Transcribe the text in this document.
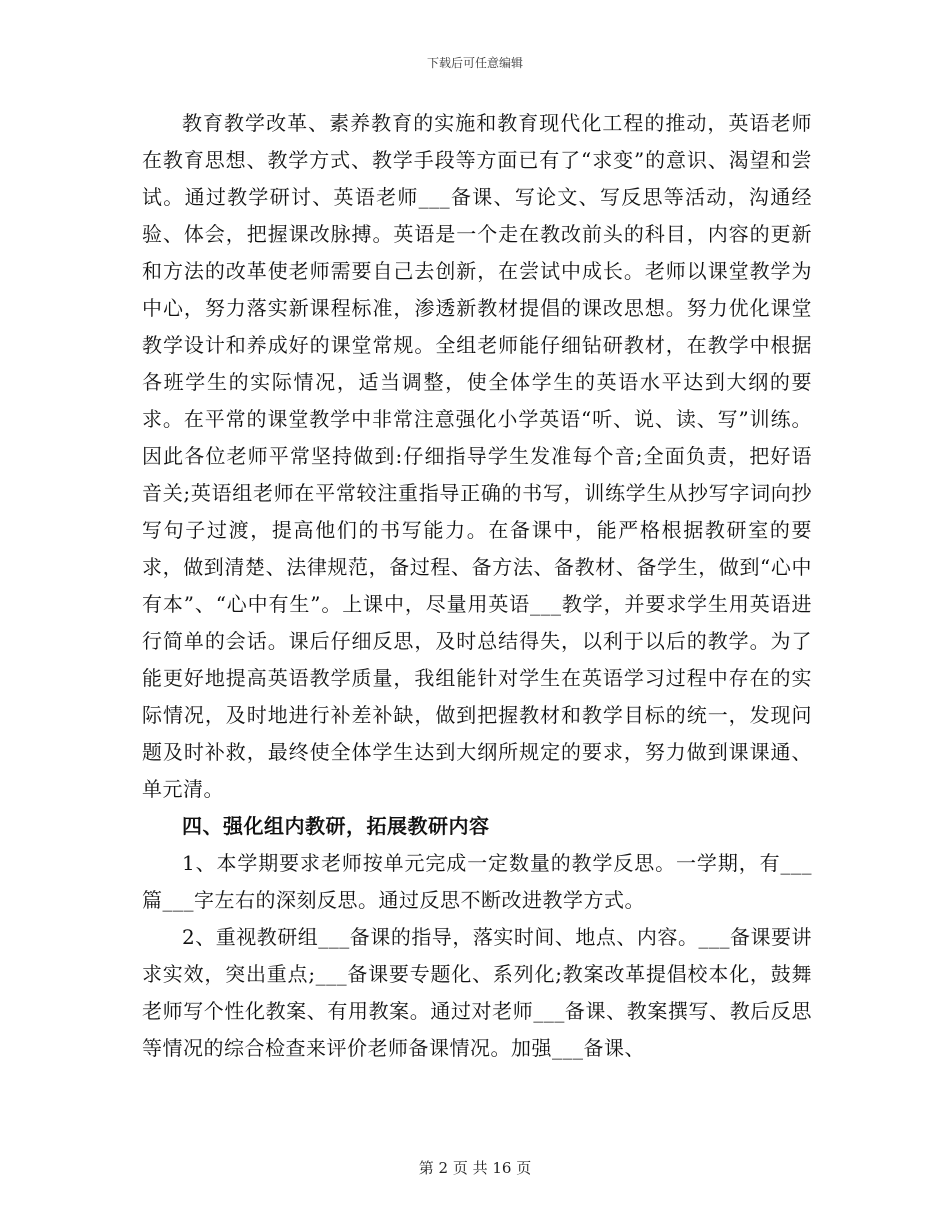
下载后可任意编辑

教育教学改革、素养教育的实施和教育现代化工程的推动，英语老师在教育思想、教学方式、教学手段等方面已有了“求变”的意识、渴望和尝试。通过教学研讨、英语老师___备课、写论文、写反思等活动，沟通经验、体会，把握课改脉搏。英语是一个走在教改前头的科目，内容的更新和方法的改革使老师需要自己去创新，在尝试中成长。老师以课堂教学为中心，努力落实新课程标准，渗透新教材提倡的课改思想。努力优化课堂教学设计和养成好的课堂常规。全组老师能仔细钻研教材，在教学中根据各班学生的实际情况，适当调整，使全体学生的英语水平达到大纲的要求。在平常的课堂教学中非常注意强化小学英语“听、说、读、写”训练。因此各位老师平常坚持做到:仔细指导学生发准每个音;全面负责，把好语音关;英语组老师在平常较注重指导正确的书写，训练学生从抄写字词向抄写句子过渡，提高他们的书写能力。在备课中，能严格根据教研室的要求，做到清楚、法律规范，备过程、备方法、备教材、备学生，做到“心中有本”、“心中有生”。上课中，尽量用英语___教学，并要求学生用英语进行简单的会话。课后仔细反思，及时总结得失，以利于以后的教学。为了能更好地提高英语教学质量，我组能针对学生在英语学习过程中存在的实际情况，及时地进行补差补缺，做到把握教材和教学目标的统一，发现问题及时补救，最终使全体学生达到大纲所规定的要求，努力做到课课通、单元清。

四、强化组内教研，拓展教研内容

1、本学期要求老师按单元完成一定数量的教学反思。一学期，有___篇___字左右的深刻反思。通过反思不断改进教学方式。

2、重视教研组___备课的指导，落实时间、地点、内容。___备课要讲求实效，突出重点;___备课要专题化、系列化;教案改革提倡校本化，鼓舞老师写个性化教案、有用教案。通过对老师___备课、教案撰写、教后反思等情况的综合检查来评价老师备课情况。加强___备课、

第 2 页 共 16 页
